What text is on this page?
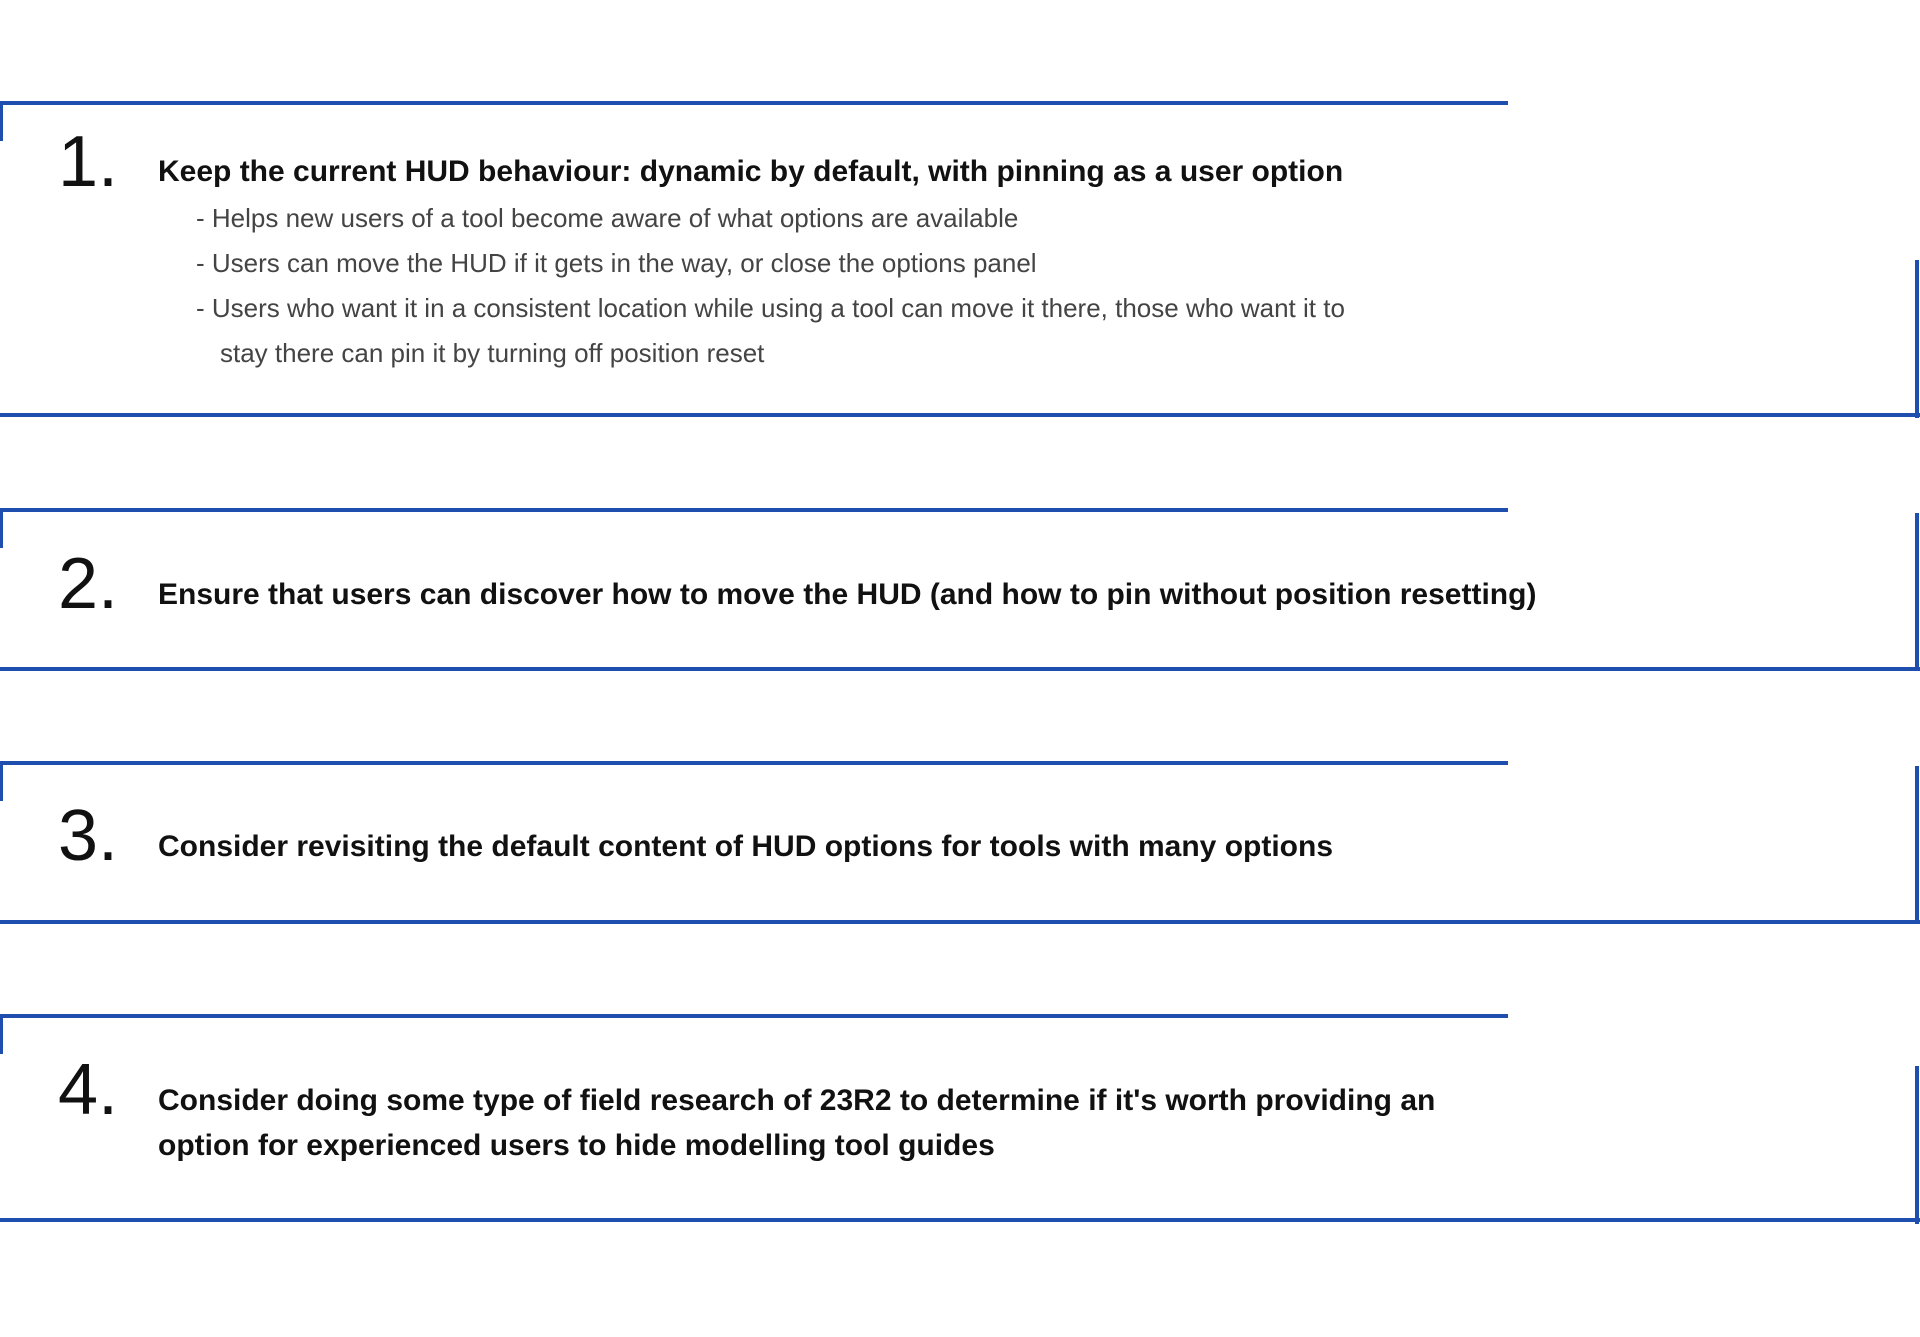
1. Keep the current HUD behaviour: dynamic by default, with pinning as a user option
- Helps new users of a tool become aware of what options are available
- Users can move the HUD if it gets in the way, or close the options panel
- Users who want it in a consistent location while using a tool can move it there, those who want it to
stay there can pin it by turning off position reset
2. Ensure that users can discover how to move the HUD (and how to pin without position resetting)
3. Consider revisiting the default content of HUD options for tools with many options
4. Consider doing some type of field research of 23R2 to determine if it's worth providing an
option for experienced users to hide modelling tool guides
